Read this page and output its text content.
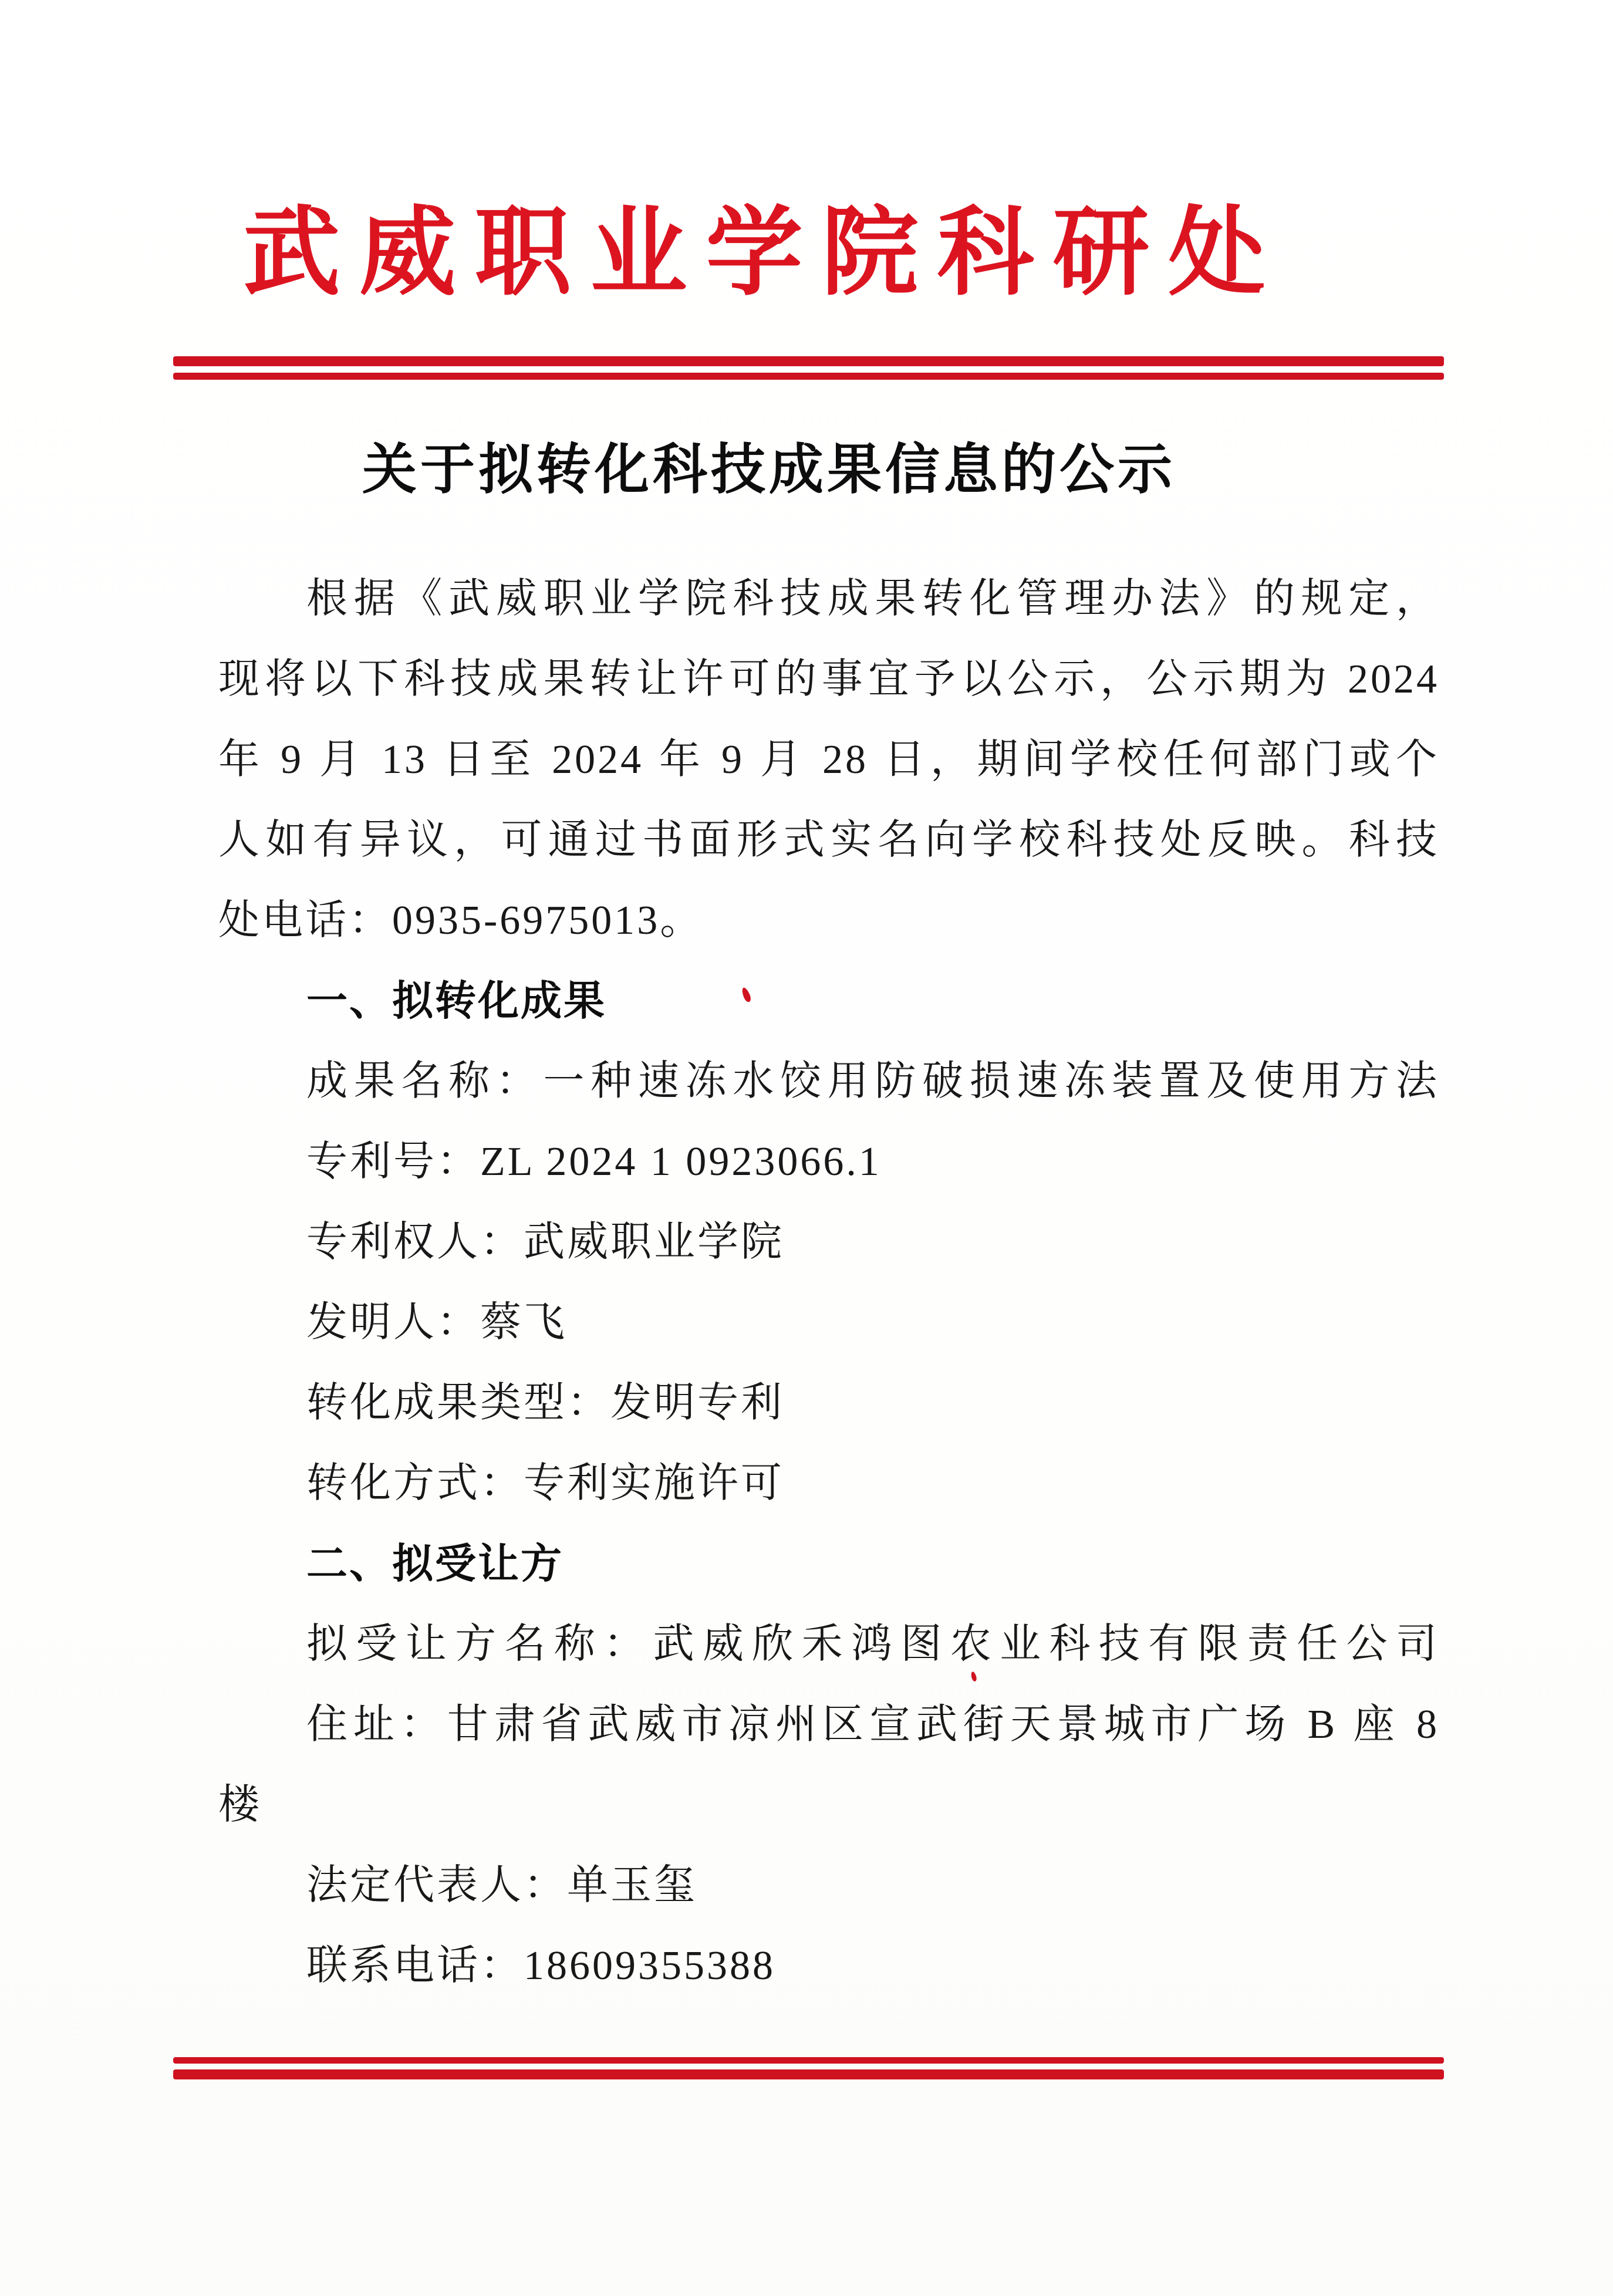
武威职业学院科研处
关于拟转化科技成果信息的公示
根据《武威职业学院科技成果转化管理办法》的规定，
现将以下科技成果转让许可的事宜予以公示，公示期为 2024
年 9 月 13 日至 2024 年 9 月 28 日，期间学校任何部门或个
人如有异议，可通过书面形式实名向学校科技处反映。科技
处电话：0935-6975013。
一、拟转化成果
成果名称：一种速冻水饺用防破损速冻装置及使用方法
专利号：ZL 2024 1 0923066.1
专利权人：武威职业学院
发明人：蔡飞
转化成果类型：发明专利
转化方式：专利实施许可
二、拟受让方
拟受让方名称：武威欣禾鸿图农业科技有限责任公司
住址：甘肃省武威市凉州区宣武街天景城市广场 B 座 8
楼
法定代表人：单玉玺
联系电话：18609355388
